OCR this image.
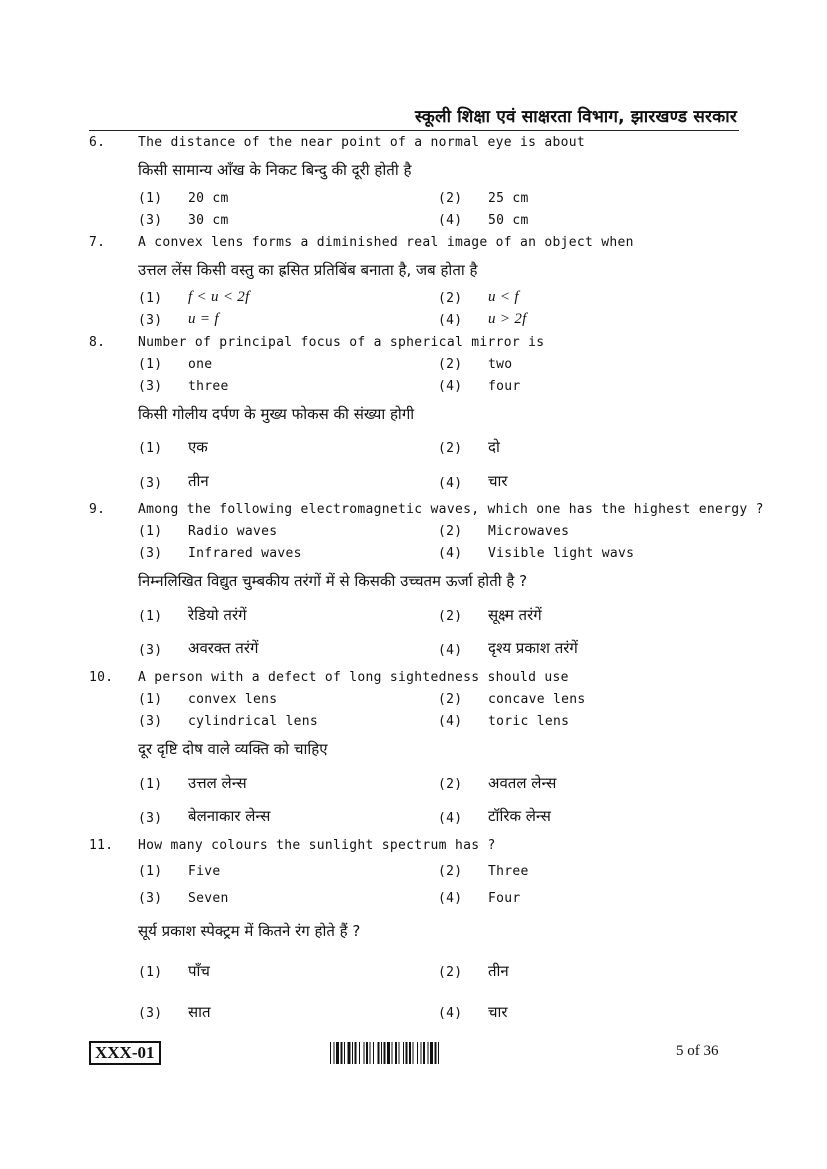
स्कूली शिक्षा एवं साक्षरता विभाग, झारखण्ड सरकार
6.	The distance of the near point of a normal eye is about
किसी सामान्य आँख के निकट बिन्दु की दूरी होती है
(1) 20 cm	(2) 25 cm
(3) 30 cm	(4) 50 cm
7.	A convex lens forms a diminished real image of an object when
उत्तल लेंस किसी वस्तु का ह्रसित प्रतिबिंब बनाता है, जब होता है
(1) f < u < 2f	(2) u < f
(3) u = f	(4) u > 2f
8.	Number of principal focus of a spherical mirror is
(1) one	(2) two
(3) three	(4) four
किसी गोलीय दर्पण के मुख्य फोकस की संख्या होगी
(1) एक	(2) दो
(3) तीन	(4) चार
9.	Among the following electromagnetic waves, which one has the highest energy ?
(1) Radio waves	(2) Microwaves
(3) Infrared waves	(4) Visible light wavs
निम्नलिखित विद्युत चुम्बकीय तरंगों में से किसकी उच्चतम ऊर्जा होती है ?
(1) रेडियो तरंगें	(2) सूक्ष्म तरंगें
(3) अवरक्त तरंगें	(4) दृश्य प्रकाश तरंगें
10. A person with a defect of long sightedness should use
(1) convex lens	(2) concave lens
(3) cylindrical lens	(4) toric lens
दूर दृष्टि दोष वाले व्यक्ति को चाहिए
(1) उत्तल लेन्स	(2) अवतल लेन्स
(3) बेलनाकार लेन्स	(4) टॉरिक लेन्स
11. How many colours the sunlight spectrum has ?
(1) Five	(2) Three
(3) Seven	(4) Four
सूर्य प्रकाश स्पेक्ट्रम में कितने रंग होते हैं ?
(1) पाँच	(2) तीन
(3) सात	(4) चार
XXX-01	5 of 36
